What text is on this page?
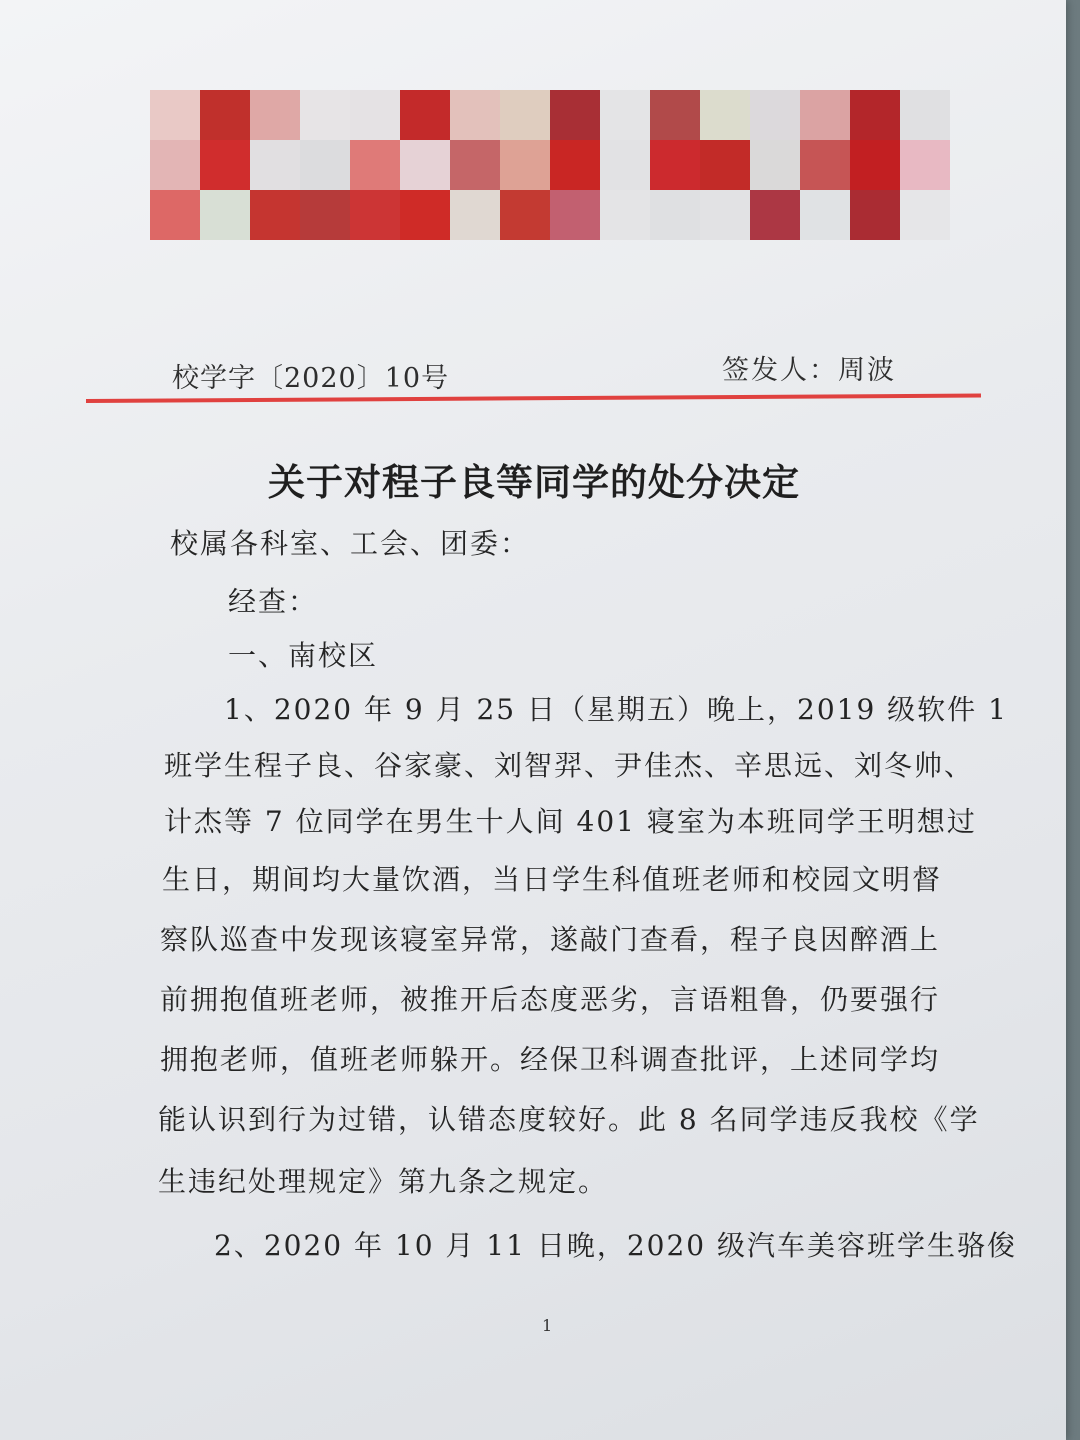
校学字〔2020〕10号	签发人：周波
关于对程子良等同学的处分决定
校属各科室、工会、团委：
经查：
一、南校区
1、2020 年 9 月 25 日（星期五）晚上，2019 级软件 1
班学生程子良、谷家豪、刘智羿、尹佳杰、辛思远、刘冬帅、
计杰等 7 位同学在男生十人间 401 寝室为本班同学王明想过
生日，期间均大量饮酒，当日学生科值班老师和校园文明督
察队巡查中发现该寝室异常，遂敲门查看，程子良因醉酒上
前拥抱值班老师，被推开后态度恶劣，言语粗鲁，仍要强行
拥抱老师，值班老师躲开。经保卫科调查批评，上述同学均
能认识到行为过错，认错态度较好。此 8 名同学违反我校《学
生违纪处理规定》第九条之规定。
2、2020 年 10 月 11 日晚，2020 级汽车美容班学生骆俊
1
